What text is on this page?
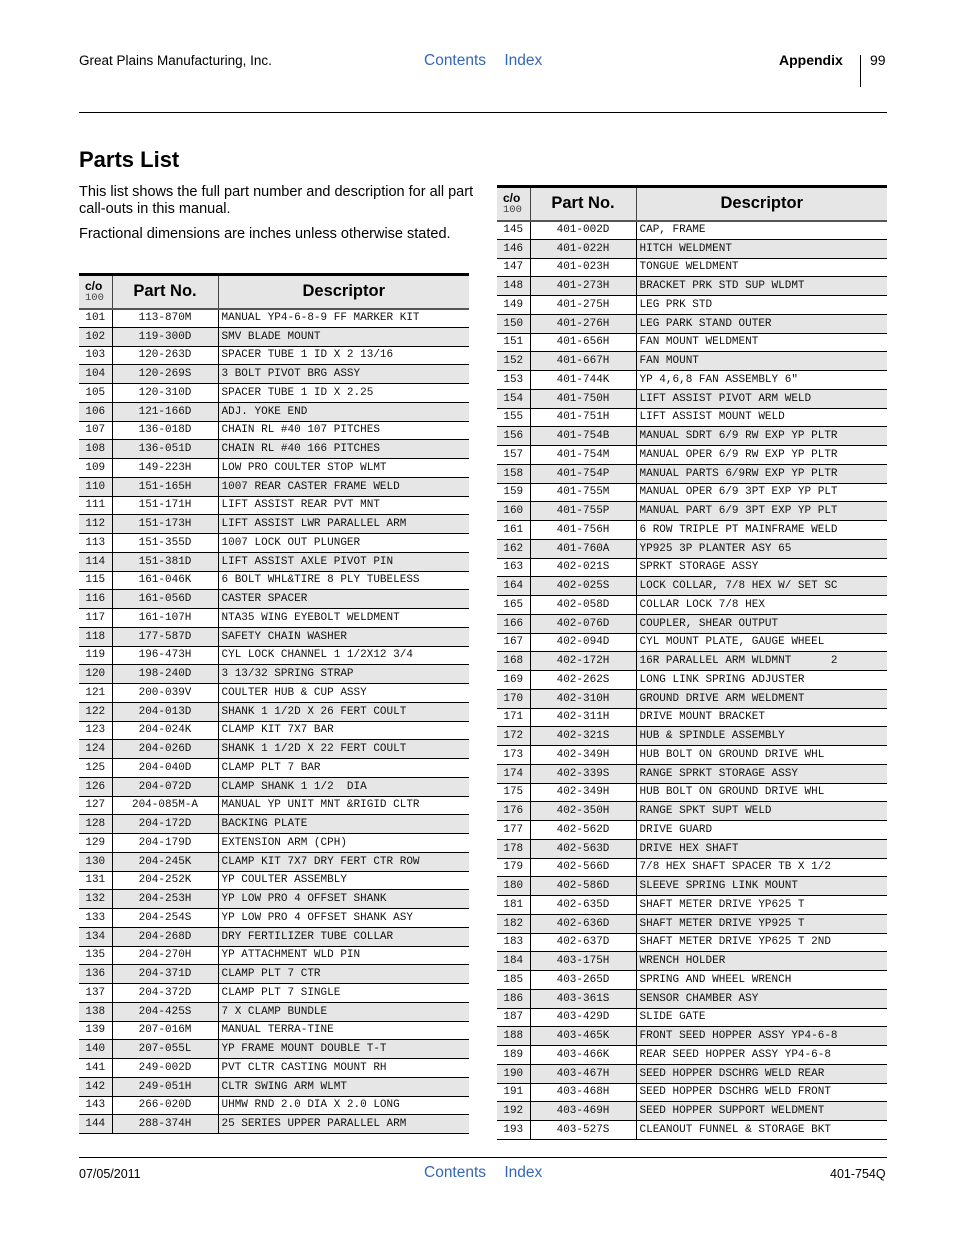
Great Plains Manufacturing, Inc.	Contents Index	Appendix 99
Parts List

This list shows the full part number and description for all part call-outs in this manual.

Fractional dimensions are inches unless otherwise stated.

c/o
100	Part No.	Descriptor
101	113-870M	MANUAL YP4-6-8-9 FF MARKER KIT
102	119-300D	SMV BLADE MOUNT
103	120-263D	SPACER TUBE 1 ID X 2 13/16
104	120-269S	3 BOLT PIVOT BRG ASSY
105	120-310D	SPACER TUBE 1 ID X 2.25
106	121-166D	ADJ. YOKE END
107	136-018D	CHAIN RL #40 107 PITCHES
108	136-051D	CHAIN RL #40 166 PITCHES
109	149-223H	LOW PRO COULTER STOP WLMT
110	151-165H	1007 REAR CASTER FRAME WELD
111	151-171H	LIFT ASSIST REAR PVT MNT
112	151-173H	LIFT ASSIST LWR PARALLEL ARM
113	151-355D	1007 LOCK OUT PLUNGER
114	151-381D	LIFT ASSIST AXLE PIVOT PIN
115	161-046K	6 BOLT WHL&TIRE 8 PLY TUBELESS
116	161-056D	CASTER SPACER
117	161-107H	NTA35 WING EYEBOLT WELDMENT
118	177-587D	SAFETY CHAIN WASHER
119	196-473H	CYL LOCK CHANNEL 1 1/2X12 3/4
120	198-240D	3 13/32 SPRING STRAP
121	200-039V	COULTER HUB & CUP ASSY
122	204-013D	SHANK 1 1/2D X 26 FERT COULT
123	204-024K	CLAMP KIT 7X7 BAR
124	204-026D	SHANK 1 1/2D X 22 FERT COULT
125	204-040D	CLAMP PLT 7 BAR
126	204-072D	CLAMP SHANK 1 1/2  DIA
127	204-085M-A	MANUAL YP UNIT MNT &RIGID CLTR
128	204-172D	BACKING PLATE
129	204-179D	EXTENSION ARM (CPH)
130	204-245K	CLAMP KIT 7X7 DRY FERT CTR ROW
131	204-252K	YP COULTER ASSEMBLY
132	204-253H	YP LOW PRO 4 OFFSET SHANK
133	204-254S	YP LOW PRO 4 OFFSET SHANK ASY
134	204-268D	DRY FERTILIZER TUBE COLLAR
135	204-270H	YP ATTACHMENT WLD PIN
136	204-371D	CLAMP PLT 7 CTR
137	204-372D	CLAMP PLT 7 SINGLE
138	204-425S	7 X CLAMP BUNDLE
139	207-016M	MANUAL TERRA-TINE
140	207-055L	YP FRAME MOUNT DOUBLE T-T
141	249-002D	PVT CLTR CASTING MOUNT RH
142	249-051H	CLTR SWING ARM WLMT
143	266-020D	UHMW RND 2.0 DIA X 2.0 LONG
144	288-374H	25 SERIES UPPER PARALLEL ARM
c/o
100	Part No.	Descriptor
145	401-002D	CAP, FRAME
146	401-022H	HITCH WELDMENT
147	401-023H	TONGUE WELDMENT
148	401-273H	BRACKET PRK STD SUP WLDMT
149	401-275H	LEG PRK STD
150	401-276H	LEG PARK STAND OUTER
151	401-656H	FAN MOUNT WELDMENT
152	401-667H	FAN MOUNT
153	401-744K	YP 4,6,8 FAN ASSEMBLY 6"
154	401-750H	LIFT ASSIST PIVOT ARM WELD
155	401-751H	LIFT ASSIST MOUNT WELD
156	401-754B	MANUAL SDRT 6/9 RW EXP YP PLTR
157	401-754M	MANUAL OPER 6/9 RW EXP YP PLTR
158	401-754P	MANUAL PARTS 6/9RW EXP YP PLTR
159	401-755M	MANUAL OPER 6/9 3PT EXP YP PLT
160	401-755P	MANUAL PART 6/9 3PT EXP YP PLT
161	401-756H	6 ROW TRIPLE PT MAINFRAME WELD
162	401-760A	YP925 3P PLANTER ASY 65
163	402-021S	SPRKT STORAGE ASSY
164	402-025S	LOCK COLLAR, 7/8 HEX W/ SET SC
165	402-058D	COLLAR LOCK 7/8 HEX
166	402-076D	COUPLER, SHEAR OUTPUT
167	402-094D	CYL MOUNT PLATE, GAUGE WHEEL
168	402-172H	16R PARALLEL ARM WLDMNT      2
169	402-262S	LONG LINK SPRING ADJUSTER
170	402-310H	GROUND DRIVE ARM WELDMENT
171	402-311H	DRIVE MOUNT BRACKET
172	402-321S	HUB & SPINDLE ASSEMBLY
173	402-349H	HUB BOLT ON GROUND DRIVE WHL
174	402-339S	RANGE SPRKT STORAGE ASSY
175	402-349H	HUB BOLT ON GROUND DRIVE WHL
176	402-350H	RANGE SPKT SUPT WELD
177	402-562D	DRIVE GUARD
178	402-563D	DRIVE HEX SHAFT
179	402-566D	7/8 HEX SHAFT SPACER TB X 1/2
180	402-586D	SLEEVE SPRING LINK MOUNT
181	402-635D	SHAFT METER DRIVE YP625 T
182	402-636D	SHAFT METER DRIVE YP925 T
183	402-637D	SHAFT METER DRIVE YP625 T 2ND
184	403-175H	WRENCH HOLDER
185	403-265D	SPRING AND WHEEL WRENCH
186	403-361S	SENSOR CHAMBER ASY
187	403-429D	SLIDE GATE
188	403-465K	FRONT SEED HOPPER ASSY YP4-6-8
189	403-466K	REAR SEED HOPPER ASSY YP4-6-8
190	403-467H	SEED HOPPER DSCHRG WELD REAR
191	403-468H	SEED HOPPER DSCHRG WELD FRONT
192	403-469H	SEED HOPPER SUPPORT WELDMENT
193	403-527S	CLEANOUT FUNNEL & STORAGE BKT
07/05/2011	Contents Index	401-754Q
